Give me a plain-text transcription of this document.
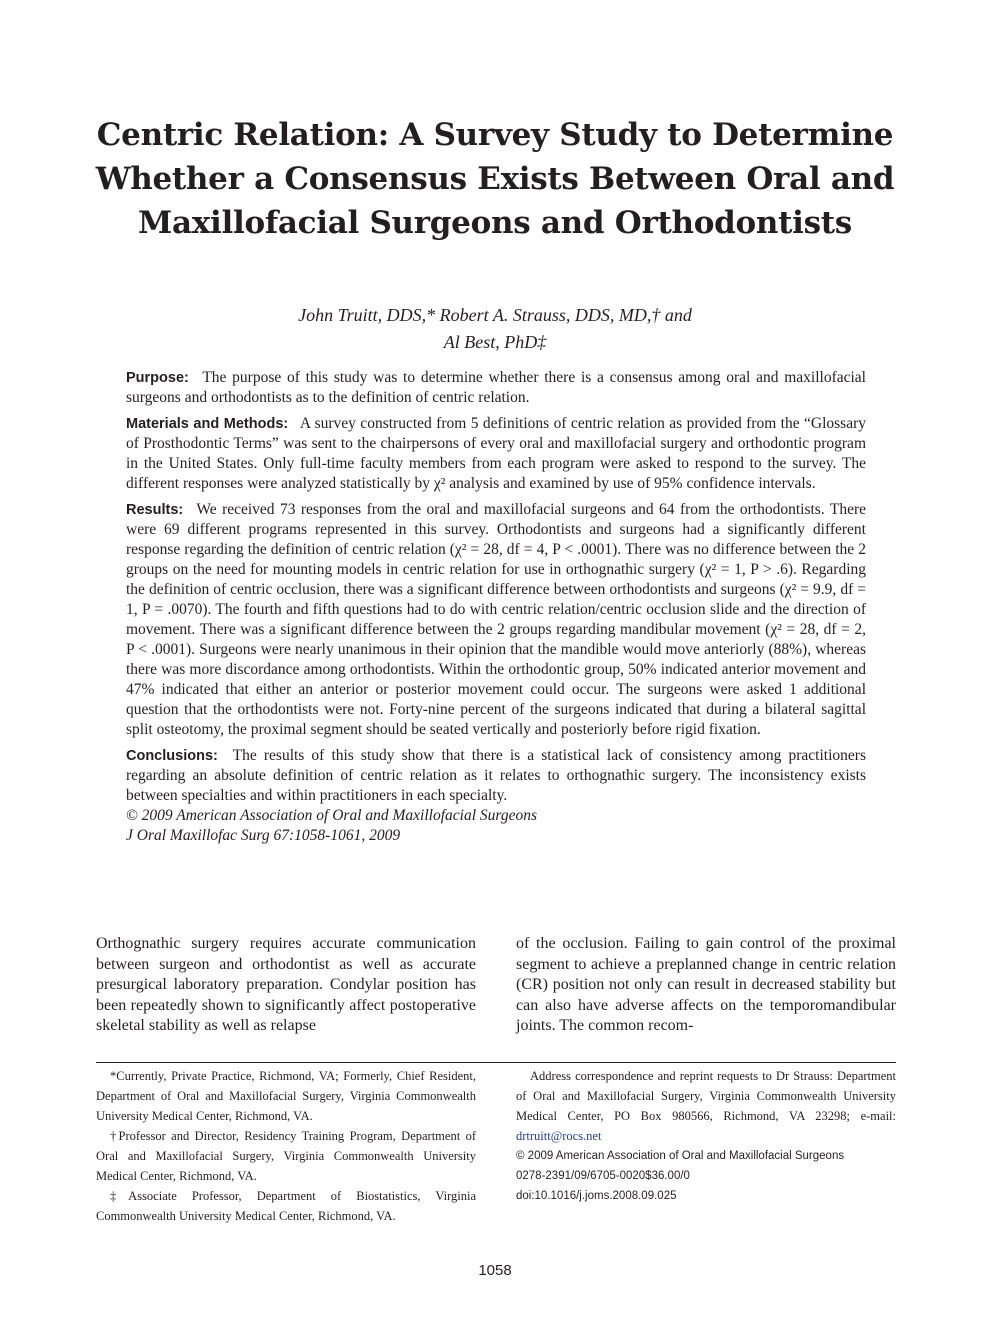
Centric Relation: A Survey Study to Determine Whether a Consensus Exists Between Oral and Maxillofacial Surgeons and Orthodontists
John Truitt, DDS,* Robert A. Strauss, DDS, MD,† and
Al Best, PhD‡

Purpose: The purpose of this study was to determine whether there is a consensus among oral and maxillofacial surgeons and orthodontists as to the definition of centric relation.

Materials and Methods: A survey constructed from 5 definitions of centric relation as provided from the “Glossary of Prosthodontic Terms” was sent to the chairpersons of every oral and maxillofacial surgery and orthodontic program in the United States. Only full-time faculty members from each program were asked to respond to the survey. The different responses were analyzed statistically by χ² analysis and examined by use of 95% confidence intervals.

Results: We received 73 responses from the oral and maxillofacial surgeons and 64 from the orthodontists. There were 69 different programs represented in this survey. Orthodontists and surgeons had a significantly different response regarding the definition of centric relation (χ² = 28, df = 4, P < .0001). There was no difference between the 2 groups on the need for mounting models in centric relation for use in orthognathic surgery (χ² = 1, P > .6). Regarding the definition of centric occlusion, there was a significant difference between orthodontists and surgeons (χ² = 9.9, df = 1, P = .0070). The fourth and fifth questions had to do with centric relation/centric occlusion slide and the direction of movement. There was a significant difference between the 2 groups regarding mandibular movement (χ² = 28, df = 2, P < .0001). Surgeons were nearly unanimous in their opinion that the mandible would move anteriorly (88%), whereas there was more discordance among orthodontists. Within the orthodontic group, 50% indicated anterior movement and 47% indicated that either an anterior or posterior movement could occur. The surgeons were asked 1 additional question that the orthodontists were not. Forty-nine percent of the surgeons indicated that during a bilateral sagittal split osteotomy, the proximal segment should be seated vertically and posteriorly before rigid fixation.

Conclusions: The results of this study show that there is a statistical lack of consistency among practitioners regarding an absolute definition of centric relation as it relates to orthognathic surgery. The inconsistency exists between specialties and within practitioners in each specialty.

© 2009 American Association of Oral and Maxillofacial Surgeons

J Oral Maxillofac Surg 67:1058-1061, 2009

Orthognathic surgery requires accurate communication between surgeon and orthodontist as well as accurate presurgical laboratory preparation. Condylar position has been repeatedly shown to significantly affect postoperative skeletal stability as well as relapse
of the occlusion. Failing to gain control of the proximal segment to achieve a preplanned change in centric relation (CR) position not only can result in decreased stability but can also have adverse affects on the temporomandibular joints. The common recom-

*Currently, Private Practice, Richmond, VA; Formerly, Chief Resident, Department of Oral and Maxillofacial Surgery, Virginia Commonwealth University Medical Center, Richmond, VA.

†Professor and Director, Residency Training Program, Department of Oral and Maxillofacial Surgery, Virginia Commonwealth University Medical Center, Richmond, VA.

‡Associate Professor, Department of Biostatistics, Virginia Commonwealth University Medical Center, Richmond, VA.

Address correspondence and reprint requests to Dr Strauss: Department of Oral and Maxillofacial Surgery, Virginia Commonwealth University Medical Center, PO Box 980566, Richmond, VA 23298; e-mail: drtruitt@rocs.net

© 2009 American Association of Oral and Maxillofacial Surgeons

0278-2391/09/6705-0020$36.00/0

doi:10.1016/j.joms.2008.09.025

1058
